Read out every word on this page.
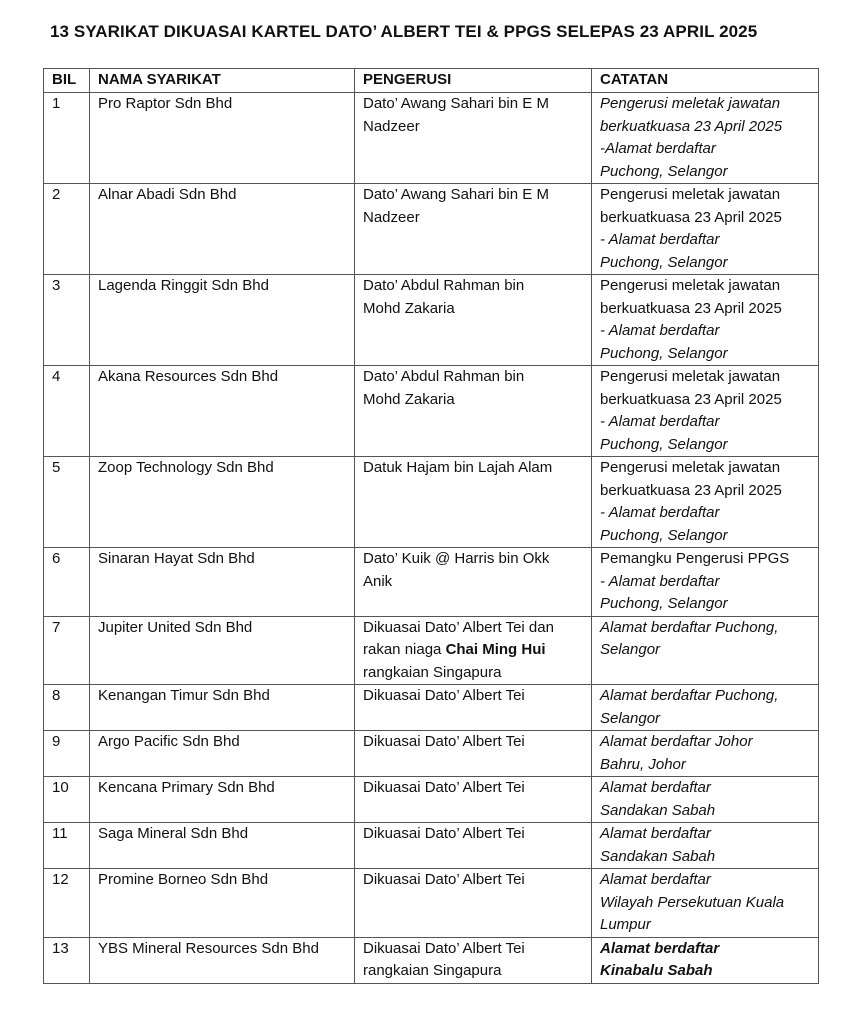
13 SYARIKAT DIKUASAI KARTEL DATO’ ALBERT TEI & PPGS SELEPAS 23 APRIL 2025
BIL	NAMA SYARIKAT	PENGERUSI	CATATAN
1	Pro Raptor Sdn Bhd	Dato’ Awang Sahari bin E M
Nadzeer	Pengerusi meletak jawatan
berkuatkuasa 23 April 2025
-Alamat berdaftar
Puchong, Selangor

2	Alnar Abadi Sdn Bhd	Dato’ Awang Sahari bin E M
Nadzeer	Pengerusi meletak jawatan
berkuatkuasa 23 April 2025
- Alamat berdaftar
Puchong, Selangor

3	Lagenda Ringgit Sdn Bhd	Dato’ Abdul Rahman bin
Mohd Zakaria	Pengerusi meletak jawatan
berkuatkuasa 23 April 2025
- Alamat berdaftar
Puchong, Selangor

4	Akana Resources Sdn Bhd	Dato’ Abdul Rahman bin
Mohd Zakaria	Pengerusi meletak jawatan
berkuatkuasa 23 April 2025
- Alamat berdaftar
Puchong, Selangor

5	Zoop Technology Sdn Bhd	Datuk Hajam bin Lajah Alam	Pengerusi meletak jawatan
berkuatkuasa 23 April 2025
- Alamat berdaftar
Puchong, Selangor

6	Sinaran Hayat Sdn Bhd	Dato’ Kuik @ Harris bin Okk
Anik	Pemangku Pengerusi PPGS
- Alamat berdaftar
Puchong, Selangor

7	Jupiter United Sdn Bhd	Dikuasai Dato’ Albert Tei dan
rakan niaga Chai Ming Hui
rangkaian Singapura	Alamat berdaftar Puchong,
Selangor

8	Kenangan Timur Sdn Bhd	Dikuasai Dato’ Albert Tei	Alamat berdaftar Puchong,
Selangor

9	Argo Pacific Sdn Bhd	Dikuasai Dato’ Albert Tei	Alamat berdaftar Johor
Bahru, Johor

10	Kencana Primary Sdn Bhd	Dikuasai Dato’ Albert Tei	Alamat berdaftar
Sandakan Sabah

11	Saga Mineral Sdn Bhd	Dikuasai Dato’ Albert Tei	Alamat berdaftar
Sandakan Sabah

12	Promine Borneo Sdn Bhd	Dikuasai Dato’ Albert Tei	Alamat berdaftar
Wilayah Persekutuan Kuala
Lumpur

13	YBS Mineral Resources Sdn Bhd	Dikuasai Dato’ Albert Tei
rangkaian Singapura	Alamat berdaftar
Kinabalu Sabah
